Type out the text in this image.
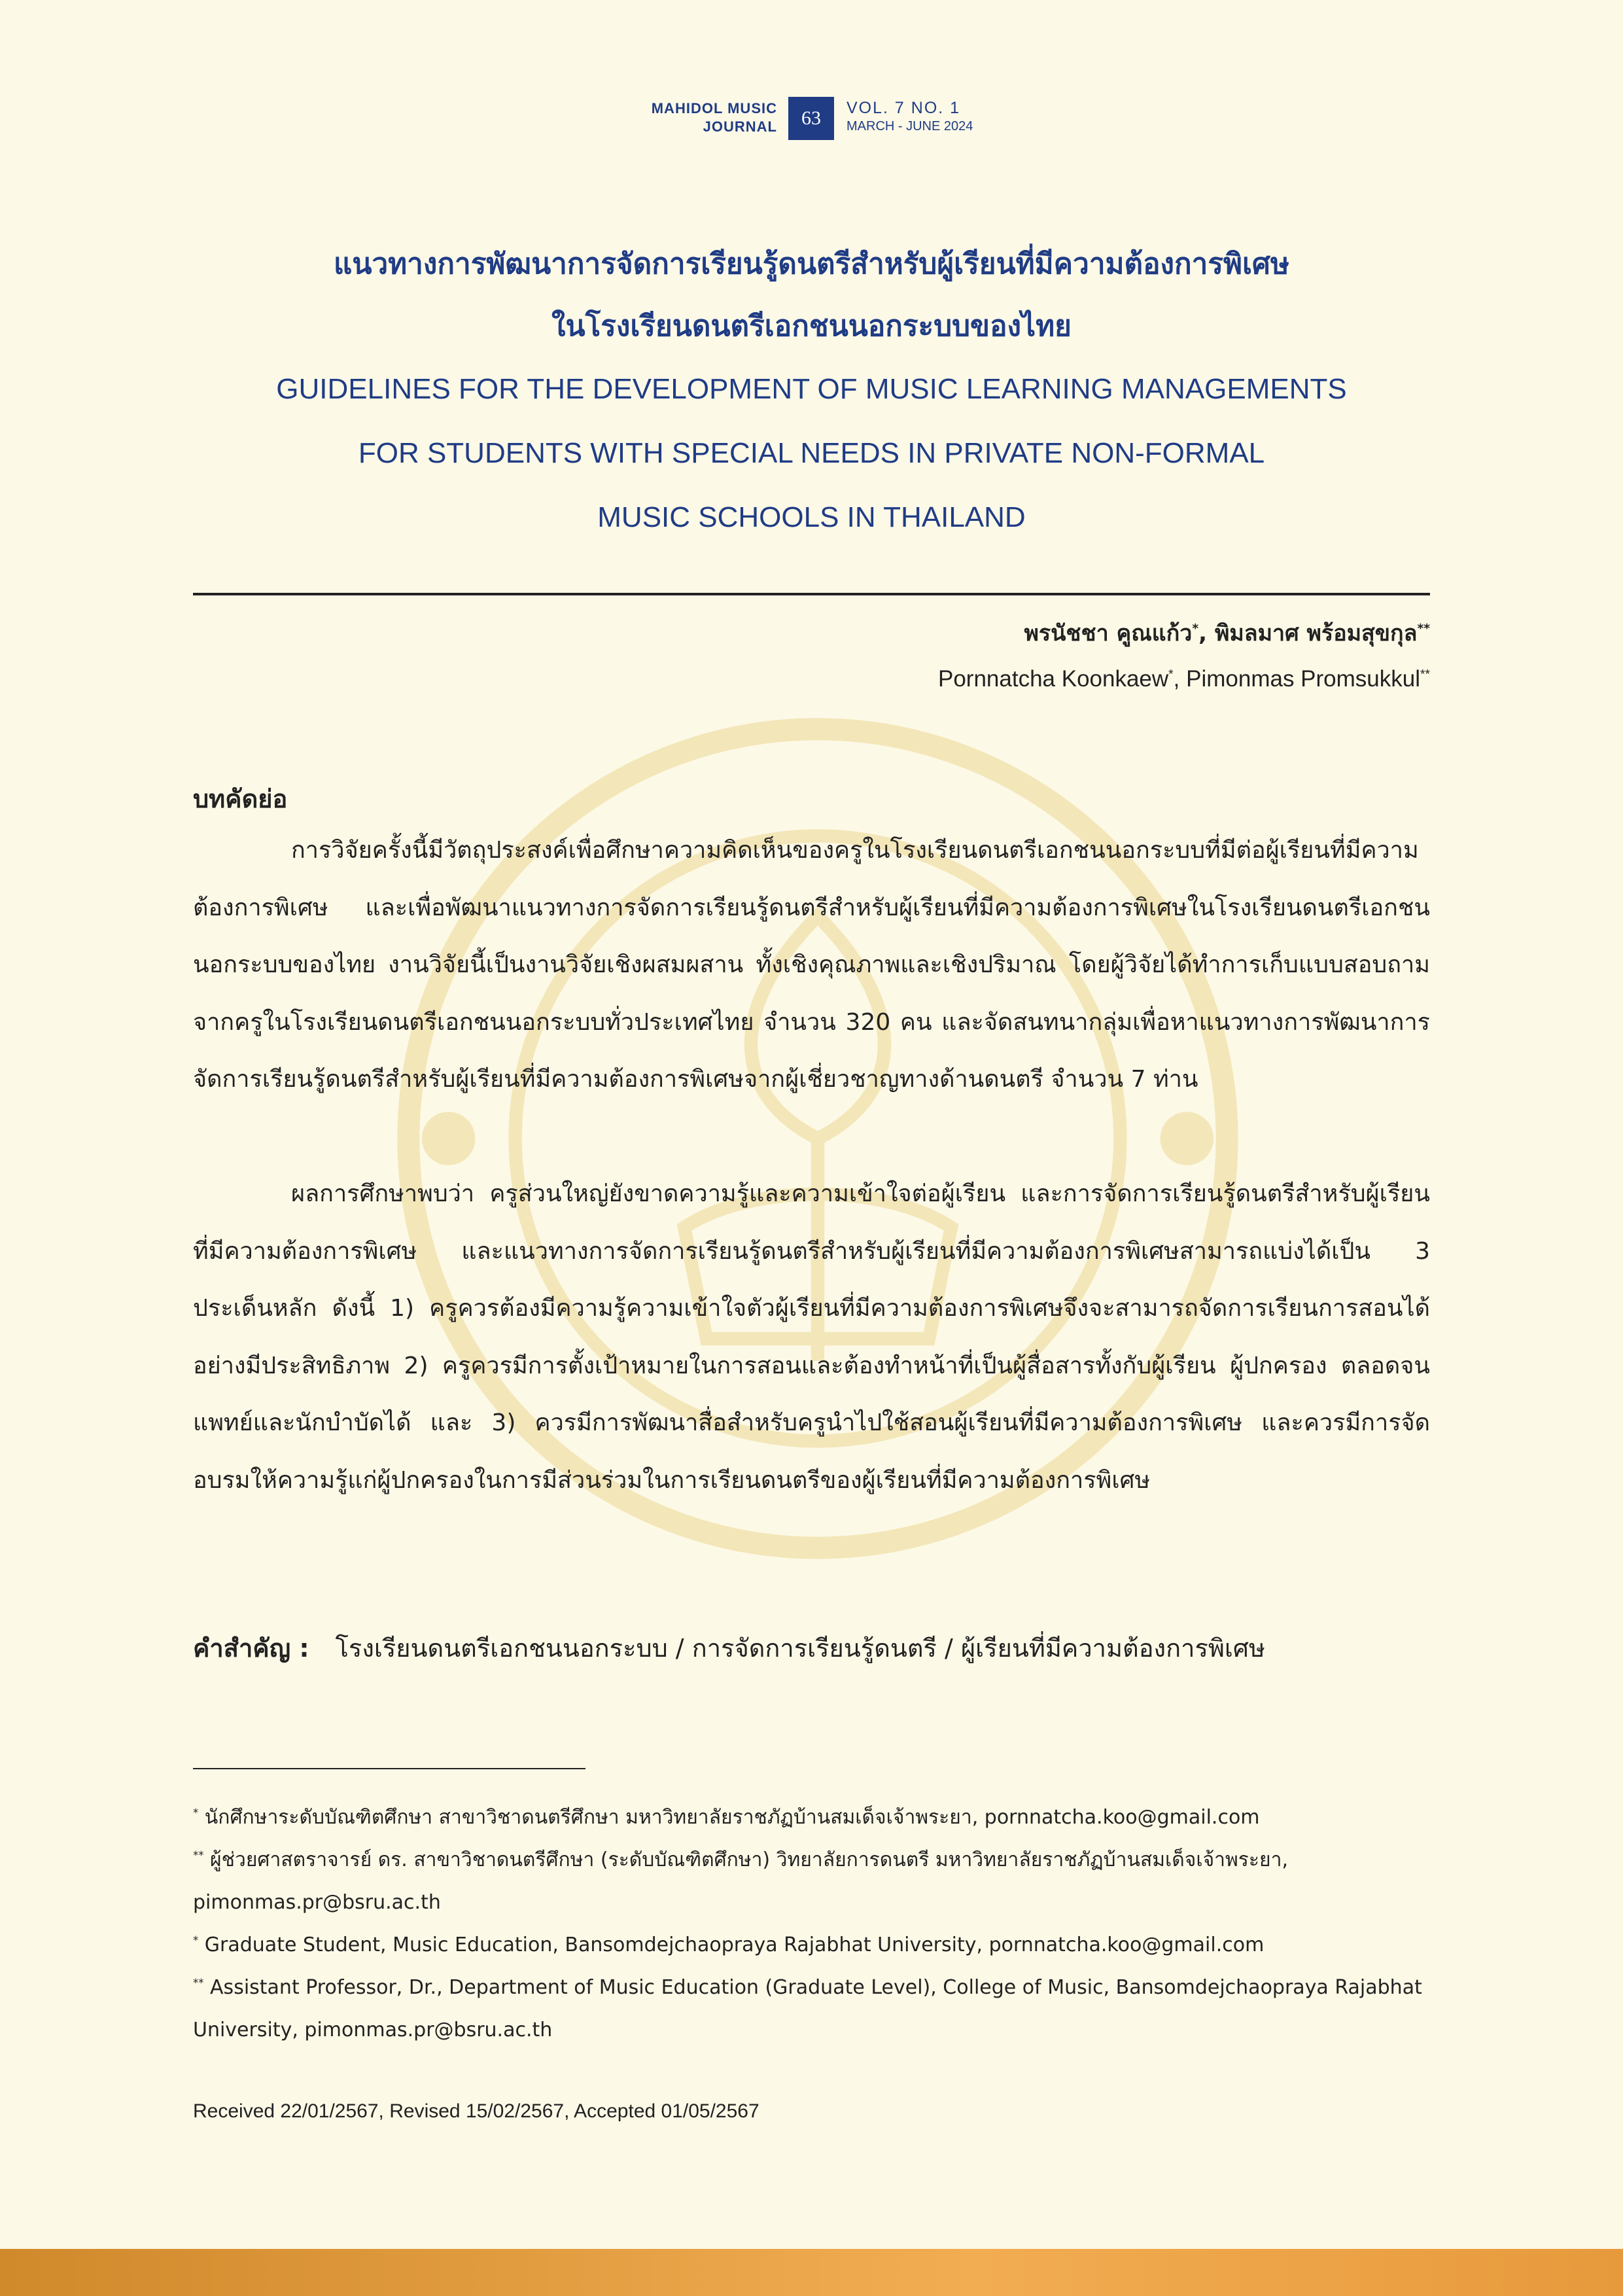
MAHIDOL MUSIC
JOURNAL	63	VOL. 7 NO. 1
MARCH - JUNE 2024
แนวทางการพัฒนาการจัดการเรียนรู้ดนตรีสำหรับผู้เรียนที่มีความต้องการพิเศษ
ในโรงเรียนดนตรีเอกชนนอกระบบของไทย
GUIDELINES FOR THE DEVELOPMENT OF MUSIC LEARNING MANAGEMENTS
FOR STUDENTS WITH SPECIAL NEEDS IN PRIVATE NON-FORMAL
MUSIC SCHOOLS IN THAILAND
พรนัชชา คูณแก้ว*, พิมลมาศ พร้อมสุขกุล**
Pornnatcha Koonkaew*, Pimonmas Promsukkul**
บทคัดย่อ

การวิจัยครั้งนี้มีวัตถุประสงค์เพื่อศึกษาความคิดเห็นของครูในโรงเรียนดนตรีเอกชนนอกระบบที่มีต่อผู้เรียนที่มีความต้องการพิเศษ และเพื่อพัฒนาแนวทางการจัดการเรียนรู้ดนตรีสำหรับผู้เรียนที่มีความต้องการพิเศษในโรงเรียนดนตรีเอกชนนอกระบบของไทย งานวิจัยนี้เป็นงานวิจัยเชิงผสมผสาน ทั้งเชิงคุณภาพและเชิงปริมาณ โดยผู้วิจัยได้ทำการเก็บแบบสอบถามจากครูในโรงเรียนดนตรีเอกชนนอกระบบทั่วประเทศไทย จำนวน 320 คน และจัดสนทนากลุ่มเพื่อหาแนวทางการพัฒนาการจัดการเรียนรู้ดนตรีสำหรับผู้เรียนที่มีความต้องการพิเศษจากผู้เชี่ยวชาญทางด้านดนตรี จำนวน 7 ท่าน

ผลการศึกษาพบว่า ครูส่วนใหญ่ยังขาดความรู้และความเข้าใจต่อผู้เรียน และการจัดการเรียนรู้ดนตรีสำหรับผู้เรียนที่มีความต้องการพิเศษ และแนวทางการจัดการเรียนรู้ดนตรีสำหรับผู้เรียนที่มีความต้องการพิเศษสามารถแบ่งได้เป็น 3 ประเด็นหลัก ดังนี้ 1) ครูควรต้องมีความรู้ความเข้าใจตัวผู้เรียนที่มีความต้องการพิเศษจึงจะสามารถจัดการเรียนการสอนได้อย่างมีประสิทธิภาพ 2) ครูควรมีการตั้งเป้าหมายในการสอนและต้องทำหน้าที่เป็นผู้สื่อสารทั้งกับผู้เรียน ผู้ปกครอง ตลอดจนแพทย์และนักบำบัดได้ และ 3) ควรมีการพัฒนาสื่อสำหรับครูนำไปใช้สอนผู้เรียนที่มีความต้องการพิเศษ และควรมีการจัดอบรมให้ความรู้แก่ผู้ปกครองในการมีส่วนร่วมในการเรียนดนตรีของผู้เรียนที่มีความต้องการพิเศษ

คำสำคัญ : โรงเรียนดนตรีเอกชนนอกระบบ / การจัดการเรียนรู้ดนตรี / ผู้เรียนที่มีความต้องการพิเศษ
* นักศึกษาระดับบัณฑิตศึกษา สาขาวิชาดนตรีศึกษา มหาวิทยาลัยราชภัฏบ้านสมเด็จเจ้าพระยา, pornnatcha.koo@gmail.com
** ผู้ช่วยศาสตราจารย์ ดร. สาขาวิชาดนตรีศึกษา (ระดับบัณฑิตศึกษา) วิทยาลัยการดนตรี มหาวิทยาลัยราชภัฏบ้านสมเด็จเจ้าพระยา, pimonmas.pr@bsru.ac.th
* Graduate Student, Music Education, Bansomdejchaopraya Rajabhat University, pornnatcha.koo@gmail.com
** Assistant Professor, Dr., Department of Music Education (Graduate Level), College of Music, Bansomdejchaopraya Rajabhat University, pimonmas.pr@bsru.ac.th
Received 22/01/2567, Revised 15/02/2567, Accepted 01/05/2567
